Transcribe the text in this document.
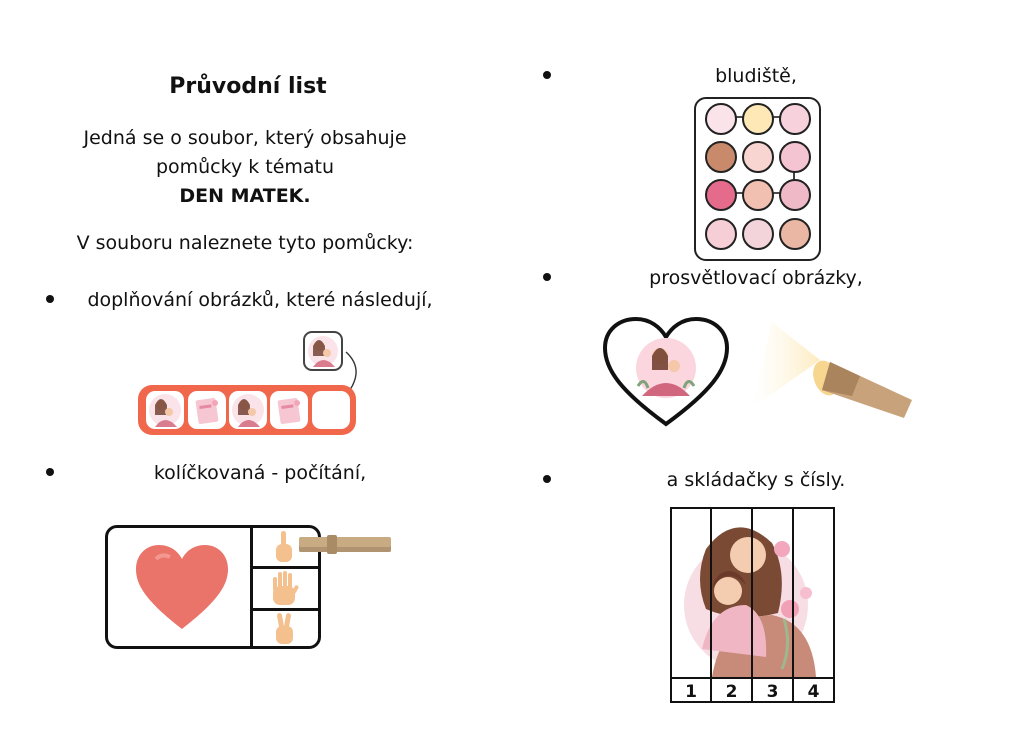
Průvodní list
Jedná se o soubor, který obsahuje
pomůcky k tématu
DEN MATEK.
V souboru naleznete tyto pomůcky:
doplňování obrázků, které následují,
kolíčkovaná - počítání,
bludiště,
prosvětlovací obrázky,
a skládačky s čísly.
1	2	3	4
